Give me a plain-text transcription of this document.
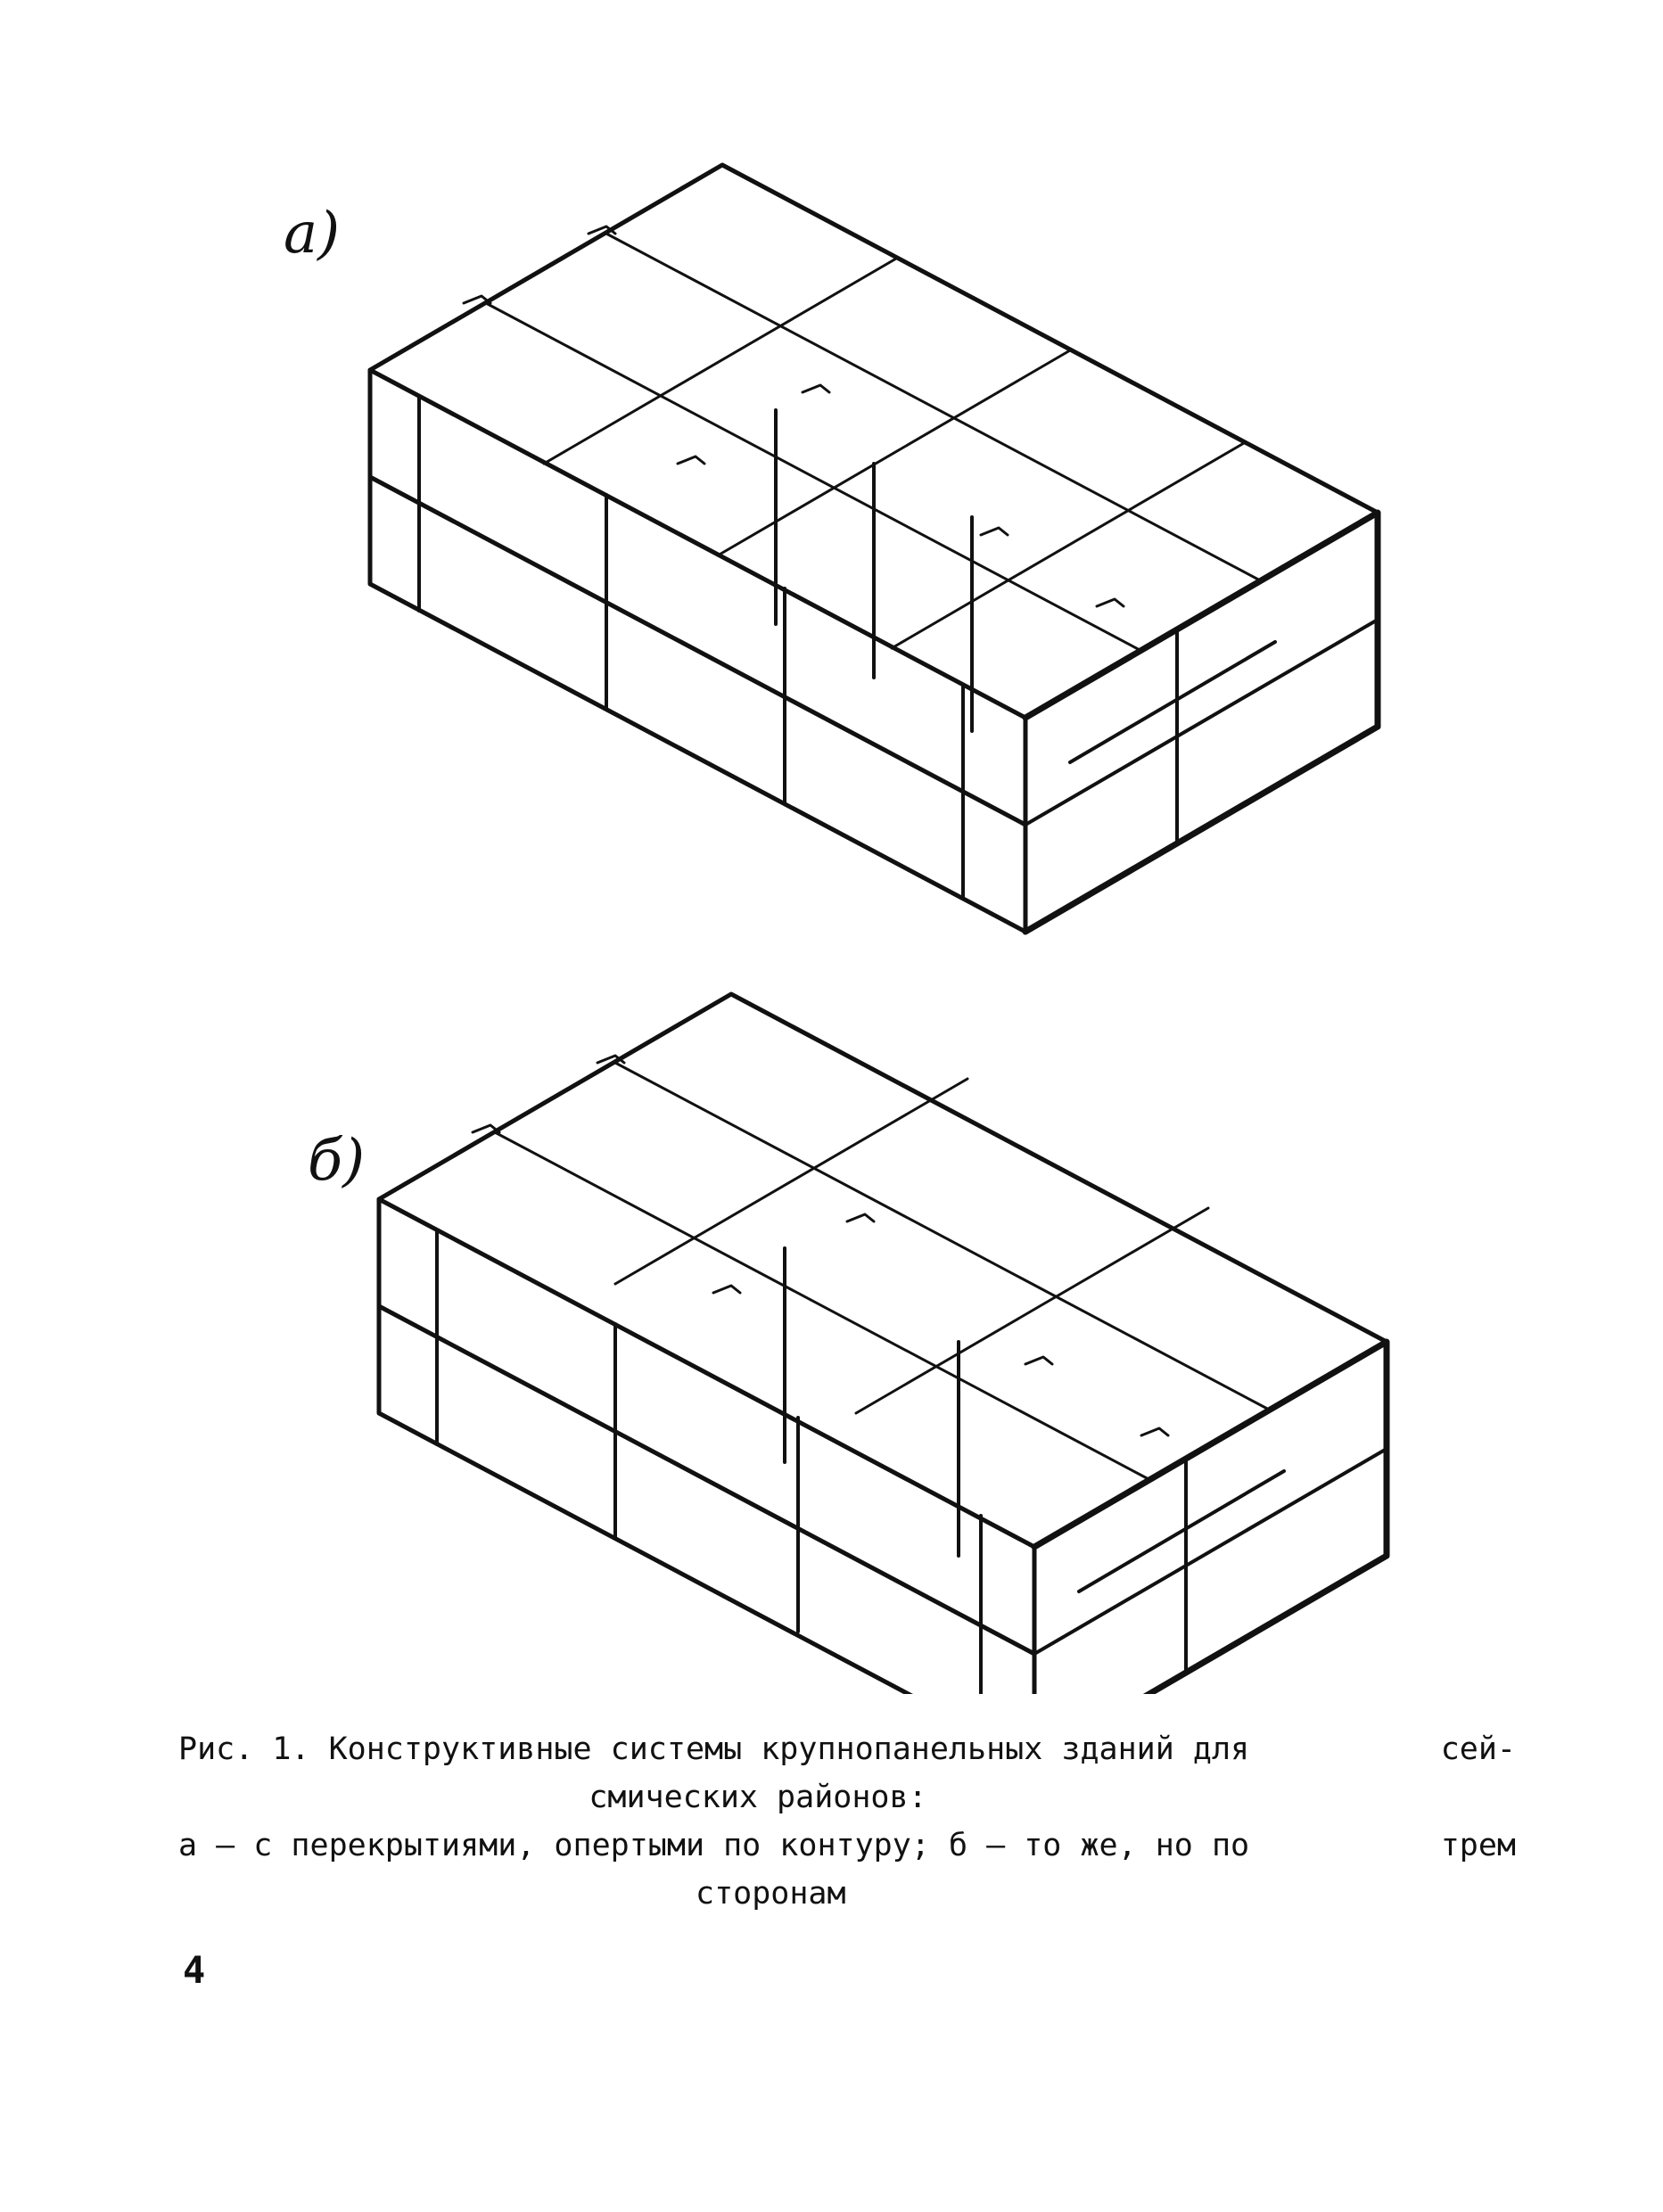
а)
б)
Рис. 1. Конструктивные системы крупнопанельных зданий для	сей-
смических районов:
а – с перекрытиями, опертыми по контуру; б – то же, но по	трем
сторонам
4
